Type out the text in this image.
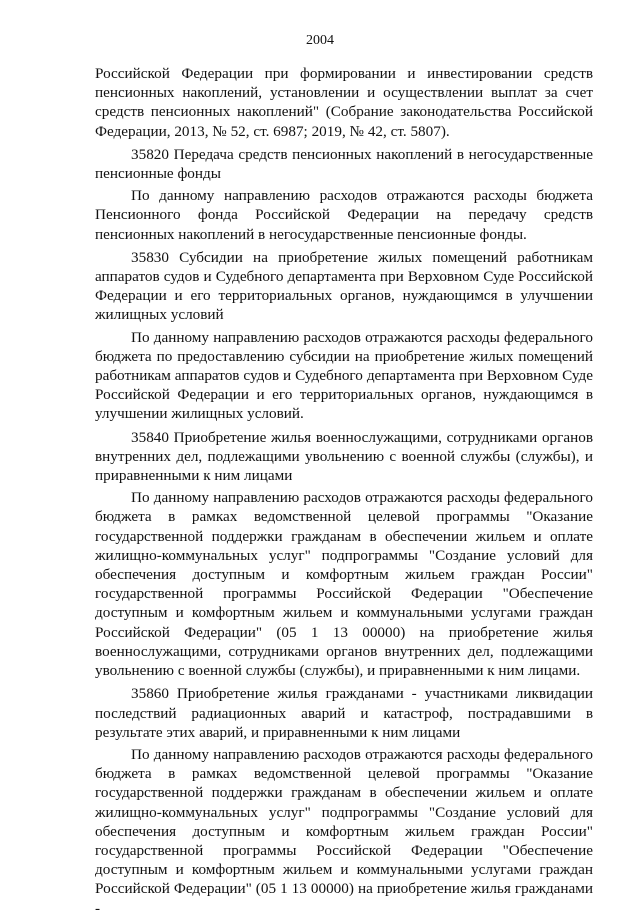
2004

Российской Федерации при формировании и инвестировании средств пенсионных накоплений, установлении и осуществлении выплат за счет средств пенсионных накоплений" (Собрание законодательства Российской Федерации, 2013, № 52, ст. 6987; 2019, № 42, ст. 5807).

35820 Передача средств пенсионных накоплений в негосударственные пенсионные фонды

По данному направлению расходов отражаются расходы бюджета Пенсионного фонда Российской Федерации на передачу средств пенсионных накоплений в негосударственные пенсионные фонды.

35830 Субсидии на приобретение жилых помещений работникам аппаратов судов и Судебного департамента при Верховном Суде Российской Федерации и его территориальных органов, нуждающимся в улучшении жилищных условий

По данному направлению расходов отражаются расходы федерального бюджета по предоставлению субсидии на приобретение жилых помещений работникам аппаратов судов и Судебного департамента при Верховном Суде Российской Федерации и его территориальных органов, нуждающимся в улучшении жилищных условий.

35840 Приобретение жилья военнослужащими, сотрудниками органов внутренних дел, подлежащими увольнению с военной службы (службы), и приравненными к ним лицами

По данному направлению расходов отражаются расходы федерального бюджета в рамках ведомственной целевой программы "Оказание государственной поддержки гражданам в обеспечении жильем и оплате жилищно-коммунальных услуг" подпрограммы "Создание условий для обеспечения доступным и комфортным жильем граждан России" государственной программы Российской Федерации "Обеспечение доступным и комфортным жильем и коммунальными услугами граждан Российской Федерации" (05 1 13 00000) на приобретение жилья военнослужащими, сотрудниками органов внутренних дел, подлежащими увольнению с военной службы (службы), и приравненными к ним лицами.

35860 Приобретение жилья гражданами - участниками ликвидации последствий радиационных аварий и катастроф, пострадавшими в результате этих аварий, и приравненными к ним лицами

По данному направлению расходов отражаются расходы федерального бюджета в рамках ведомственной целевой программы "Оказание государственной поддержки гражданам в обеспечении жильем и оплате жилищно-коммунальных услуг" подпрограммы "Создание условий для обеспечения доступным и комфортным жильем граждан России" государственной программы Российской Федерации "Обеспечение доступным и комфортным жильем и коммунальными услугами граждан Российской Федерации" (05 1 13 00000) на приобретение жилья гражданами -
